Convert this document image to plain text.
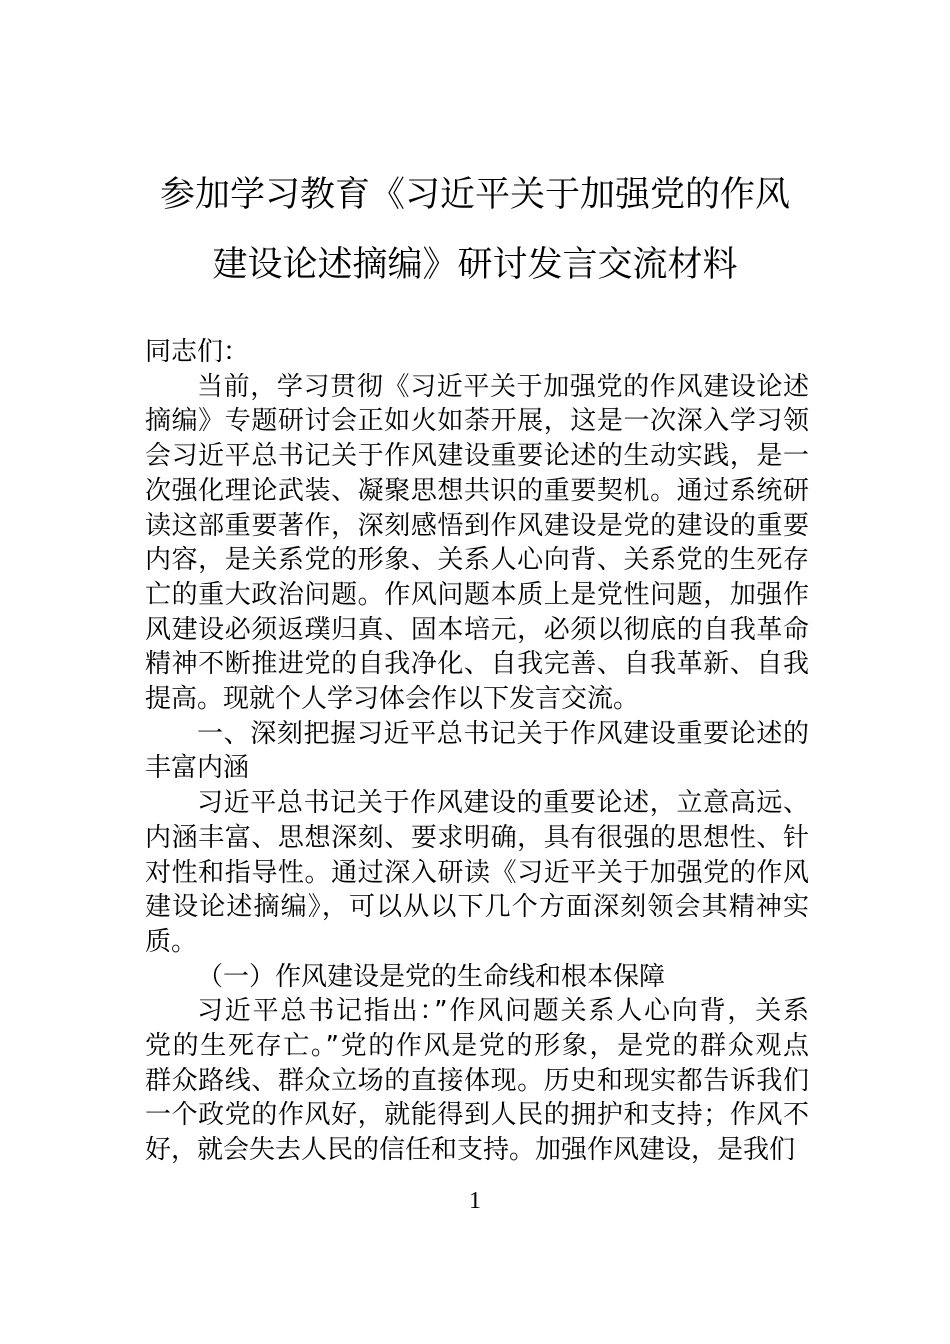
参加学习教育《习近平关于加强党的作风
建设论述摘编》研讨发言交流材料
同志们：
当前，学习贯彻《习近平关于加强党的作风建设论述
摘编》专题研讨会正如火如荼开展，这是一次深入学习领
会习近平总书记关于作风建设重要论述的生动实践，是一
次强化理论武装、凝聚思想共识的重要契机。通过系统研
读这部重要著作，深刻感悟到作风建设是党的建设的重要
内容，是关系党的形象、关系人心向背、关系党的生死存
亡的重大政治问题。作风问题本质上是党性问题，加强作
风建设必须返璞归真、固本培元，必须以彻底的自我革命
精神不断推进党的自我净化、自我完善、自我革新、自我
提高。现就个人学习体会作以下发言交流。
一、深刻把握习近平总书记关于作风建设重要论述的
丰富内涵
习近平总书记关于作风建设的重要论述，立意高远、
内涵丰富、思想深刻、要求明确，具有很强的思想性、针
对性和指导性。通过深入研读《习近平关于加强党的作风
建设论述摘编》，可以从以下几个方面深刻领会其精神实
质。
（一）作风建设是党的生命线和根本保障
习近平总书记指出：”作风问题关系人心向背，关系
党的生死存亡。”党的作风是党的形象，是党的群众观点
群众路线、群众立场的直接体现。历史和现实都告诉我们
一个政党的作风好，就能得到人民的拥护和支持；作风不
好，就会失去人民的信任和支持。加强作风建设，是我们
1
